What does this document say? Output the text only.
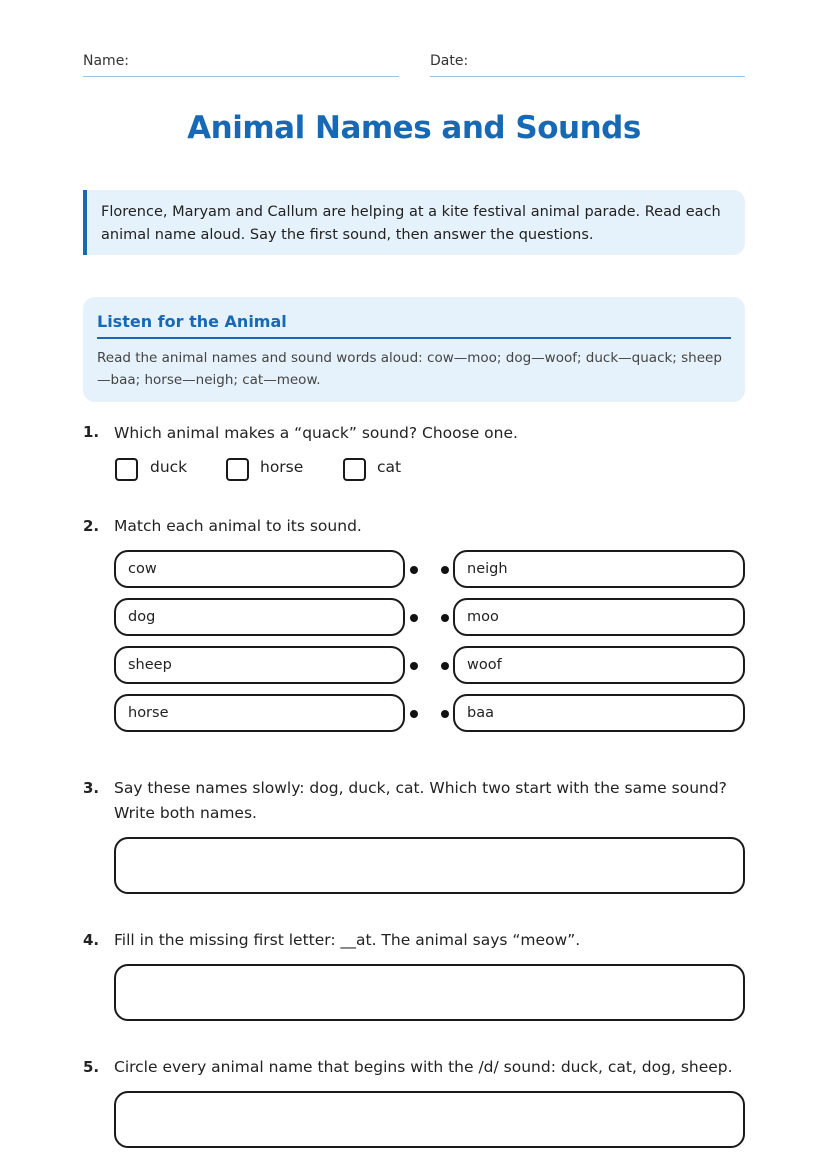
Name:	Date:
Animal Names and Sounds
Florence, Maryam and Callum are helping at a kite festival animal parade. Read each animal name aloud. Say the first sound, then answer the questions.
Listen for the Animal
Read the animal names and sound words aloud: cow—moo; dog—woof; duck—quack; sheep—baa; horse—neigh; cat—meow.
1. Which animal makes a “quack” sound? Choose one.
duck	horse	cat
2. Match each animal to its sound.
cow	neigh
dog	moo
sheep	woof
horse	baa
3. Say these names slowly: dog, duck, cat. Which two start with the same sound? Write both names.
4. Fill in the missing first letter: __at. The animal says “meow”.
5. Circle every animal name that begins with the /d/ sound: duck, cat, dog, sheep.
